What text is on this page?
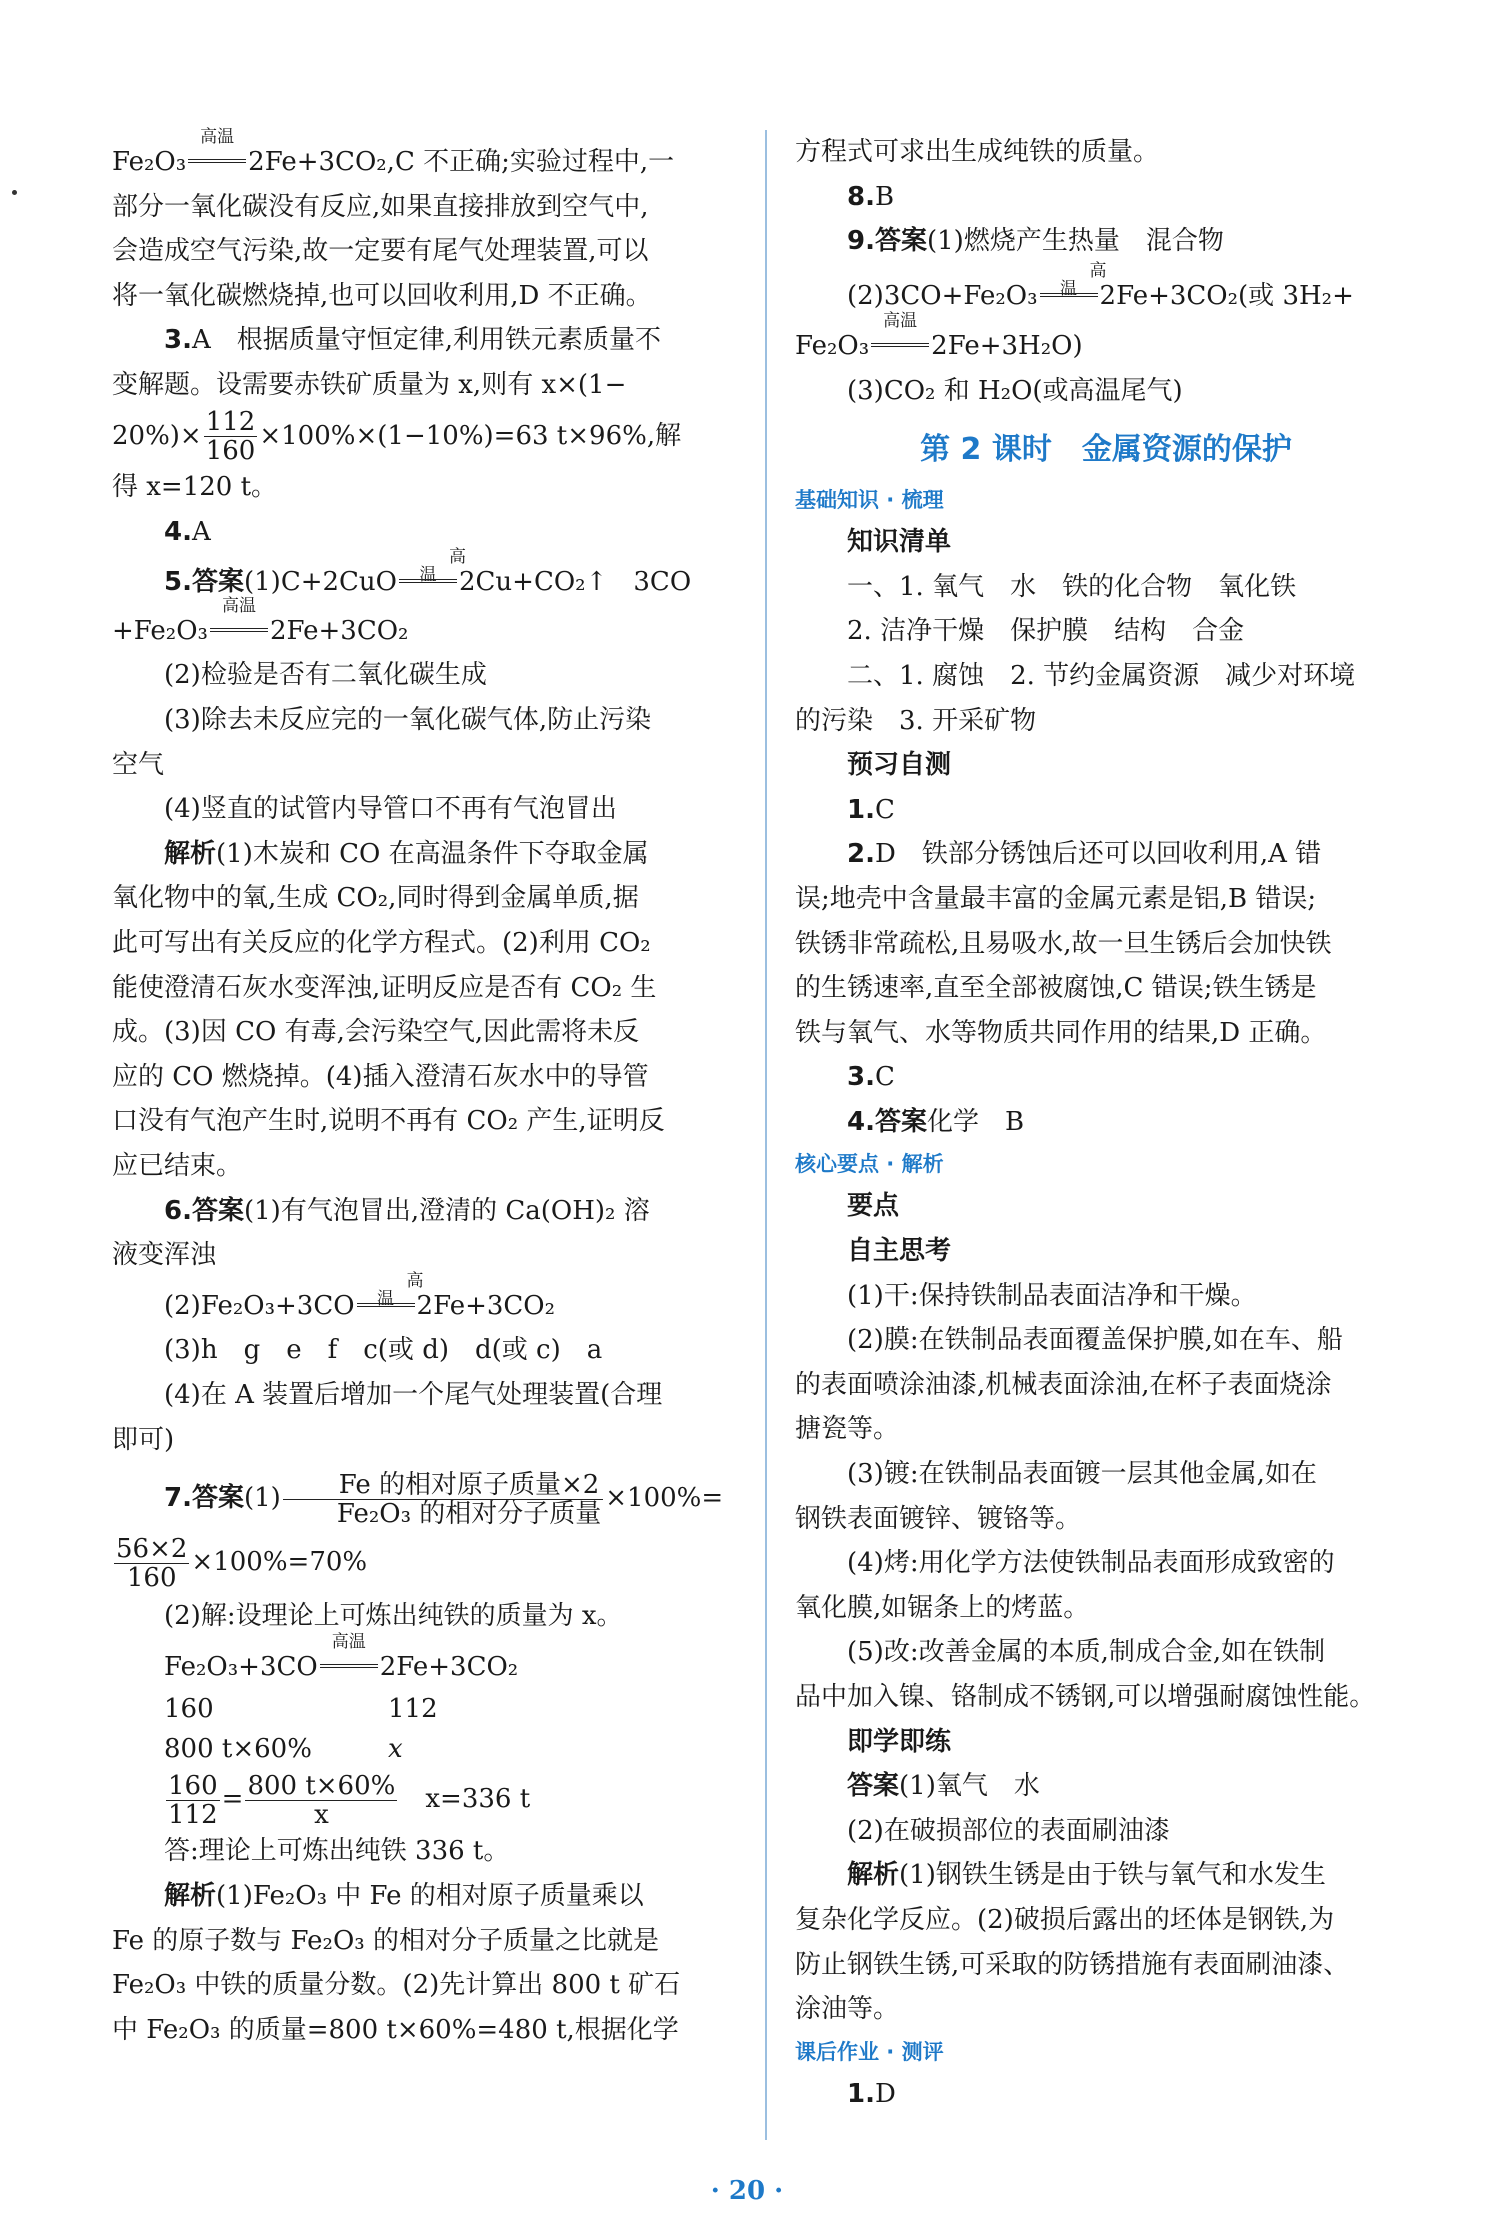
Fe₂O₃
高温
2Fe+3CO₂,C 不正确;实验过程中,一

部分一氧化碳没有反应,如果直接排放到空气中,

会造成空气污染,故一定要有尾气处理装置,可以

将一氧化碳燃烧掉,也可以回收利用,D 不正确。

3.A　根据质量守恒定律,利用铁元素质量不

变解题。设需要赤铁矿质量为 x,则有 x×(1−

$20\%)\times \frac{112}{160} \times 100\%\times(1-10\%)=63$ t×96%,解

得 x=120 t。

4.A

5.答案(1)C+2CuO
高温 2Cu+CO₂↑　3CO

+Fe₂O₃
高温
2Fe+3CO₂

(2)检验是否有二氧化碳生成

(3)除去未反应完的一氧化碳气体,防止污染

空气

(4)竖直的试管内导管口不再有气泡冒出

解析(1)木炭和 CO 在高温条件下夺取金属

氧化物中的氧,生成 CO₂,同时得到金属单质,据

此可写出有关反应的化学方程式。(2)利用 CO₂

能使澄清石灰水变浑浊,证明反应是否有 CO₂ 生

成。(3)因 CO 有毒,会污染空气,因此需将未反

应的 CO 燃烧掉。(4)插入澄清石灰水中的导管

口没有气泡产生时,说明不再有 CO₂ 产生,证明反

应已结束。

6.答案(1)有气泡冒出,澄清的 Ca(OH)₂ 溶

液变浑浊

(2)Fe₂O₃+3CO
高温 2Fe+3CO₂

(3)h　g　e　f　c(或 d)　d(或 c)　a

(4)在 A 装置后增加一个尾气处理装置(合理

即可)

7.答案$(1) \frac{\text{Fe 的相对原子质量×2}}{\text{Fe₂O₃ 的相对分子质量}} \times 100\%=$

$\frac{56\times 2}{160} \times 100\%=70\%$

(2)解:设理论上可炼出纯铁的质量为 x。

Fe₂O₃+3CO
高温
2Fe+3CO₂

160	112
800 t×60%	x

$\frac{160}{112} = \frac{800 t\times 60\%}{x}$
　 x=336 t

答:理论上可炼出纯铁 336 t。

解析(1)Fe₂O₃ 中 Fe 的相对原子质量乘以

Fe 的原子数与 Fe₂O₃ 的相对分子质量之比就是

Fe₂O₃ 中铁的质量分数。(2)先计算出 800 t 矿石

中 Fe₂O₃ 的质量=800 t×60%=480 t,根据化学

方程式可求出生成纯铁的质量。

8.B

9.答案(1)燃烧产生热量　混合物

(2)3CO+Fe₂O₃
高温 2Fe+3CO₂(或 3H₂+

Fe₂O₃
高温
2Fe+3H₂O)

(3)CO₂ 和 H₂O(或高温尾气)

第 2 课时　金属资源的保护
基础知识 · 梳理
知识清单

一、1. 氧气　水　铁的化合物　氧化铁

2. 洁净干燥　保护膜　结构　合金

二、1. 腐蚀　2. 节约金属资源　减少对环境

的污染　3. 开采矿物

预习自测

1.C

2.D　铁部分锈蚀后还可以回收利用,A 错

误;地壳中含量最丰富的金属元素是铝,B 错误;

铁锈非常疏松,且易吸水,故一旦生锈后会加快铁

的生锈速率,直至全部被腐蚀,C 错误;铁生锈是

铁与氧气、水等物质共同作用的结果,D 正确。

3.C

4.答案化学　B

核心要点 · 解析
要点
自主思考

(1)干:保持铁制品表面洁净和干燥。

(2)膜:在铁制品表面覆盖保护膜,如在车、船

的表面喷涂油漆,机械表面涂油,在杯子表面烧涂

搪瓷等。

(3)镀:在铁制品表面镀一层其他金属,如在

钢铁表面镀锌、镀铬等。

(4)烤:用化学方法使铁制品表面形成致密的

氧化膜,如锯条上的烤蓝。

(5)改:改善金属的本质,制成合金,如在铁制

品中加入镍、铬制成不锈钢,可以增强耐腐蚀性能。

即学即练

答案(1)氧气　水

(2)在破损部位的表面刷油漆

解析(1)钢铁生锈是由于铁与氧气和水发生

复杂化学反应。(2)破损后露出的坯体是钢铁,为

防止钢铁生锈,可采取的防锈措施有表面刷油漆、

涂油等。

课后作业 · 测评

1.D

· 20 ·
